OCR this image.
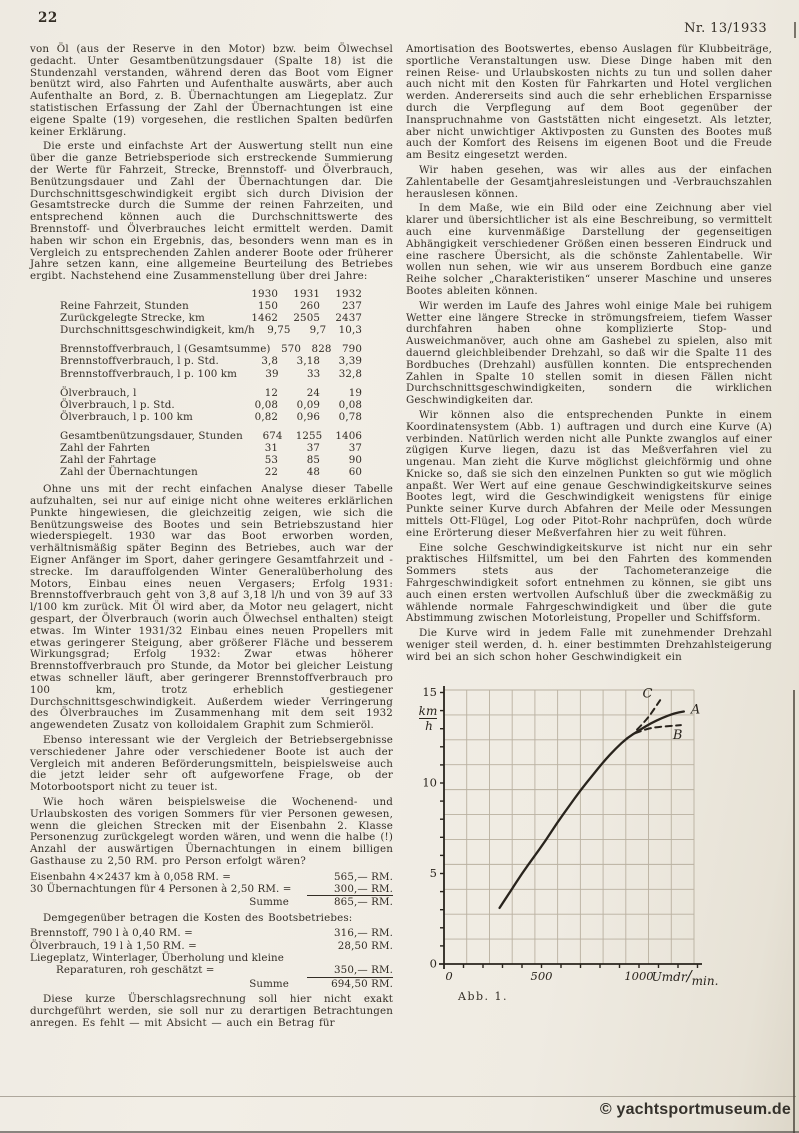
22
Nr. 13/1933

von Öl (aus der Reserve in den Motor) bzw. beim Ölwechsel gedacht. Unter Gesamtbenützungsdauer (Spalte 18) ist die Stundenzahl verstanden, während deren das Boot vom Eigner benützt wird, also Fahrten und Aufenthalte auswärts, aber auch Aufenthalte an Bord, z. B. Übernachtungen am Liegeplatz. Zur statistischen Erfassung der Zahl der Übernachtungen ist eine eigene Spalte (19) vorgesehen, die restlichen Spalten bedürfen keiner Erklärung.

Die erste und einfachste Art der Auswertung stellt nun eine über die ganze Betriebsperiode sich erstreckende Summierung der Werte für Fahrzeit, Strecke, Brennstoff- und Ölverbrauch, Benützungsdauer und Zahl der Übernachtungen dar. Die Durchschnittsgeschwindigkeit ergibt sich durch Division der Gesamtstrecke durch die Summe der reinen Fahrzeiten, und entsprechend können auch die Durchschnittswerte des Brennstoff- und Ölverbrauches leicht ermittelt werden. Damit haben wir schon ein Ergebnis, das, besonders wenn man es in Vergleich zu entsprechenden Zahlen anderer Boote oder früherer Jahre setzen kann, eine allgemeine Beurteilung des Betriebes ergibt. Nachstehend eine Zusammenstellung über drei Jahre:

1930	1931	1932
Reine Fahrzeit, Stunden	150	260	237
Zurückgelegte Strecke, km	1462	2505	2437
Durchschnittsgeschwindigkeit, km/h	9,75	9,7	10,3
Brennstoffverbrauch, l (Gesamtsumme)	570	828	790
Brennstoffverbrauch, l p. Std.	3,8	3,18	3,39
Brennstoffverbrauch, l p. 100 km	39	33	32,8
Ölverbrauch, l	12	24	19
Ölverbrauch, l p. Std.	0,08	0,09	0,08
Ölverbrauch, l p. 100 km	0,82	0,96	0,78
Gesamtbenützungsdauer, Stunden	674	1255	1406
Zahl der Fahrten	31	37	37
Zahl der Fahrtage	53	85	90
Zahl der Übernachtungen	22	48	60

Ohne uns mit der recht einfachen Analyse dieser Tabelle aufzuhalten, sei nur auf einige nicht ohne weiteres erklärlichen Punkte hingewiesen, die gleichzeitig zeigen, wie sich die Benützungsweise des Bootes und sein Betriebszustand hier wiederspiegelt. 1930 war das Boot erworben worden, verhältnismäßig später Beginn des Betriebes, auch war der Eigner Anfänger im Sport, daher geringere Gesamtfahrzeit und -strecke. Im darauffolgenden Winter Generalüberholung des Motors, Einbau eines neuen Vergasers; Erfolg 1931: Brennstoffverbrauch geht von 3,8 auf 3,18 l/h und von 39 auf 33 l/100 km zurück. Mit Öl wird aber, da Motor neu gelagert, nicht gespart, der Ölverbrauch (worin auch Ölwechsel enthalten) steigt etwas. Im Winter 1931/32 Einbau eines neuen Propellers mit etwas geringerer Steigung, aber größerer Fläche und besserem Wirkungsgrad; Erfolg 1932: Zwar etwas höherer Brennstoffverbrauch pro Stunde, da Motor bei gleicher Leistung etwas schneller läuft, aber geringerer Brennstoffverbrauch pro 100 km, trotz erheblich gestiegener Durchschnittsgeschwindigkeit. Außerdem wieder Verringerung des Ölverbrauches im Zusammenhang mit dem seit 1932 angewendeten Zusatz von kolloidalem Graphit zum Schmieröl.

Ebenso interessant wie der Vergleich der Betriebsergebnisse verschiedener Jahre oder verschiedener Boote ist auch der Vergleich mit anderen Beförderungsmitteln, beispielsweise auch die jetzt leider sehr oft aufgeworfene Frage, ob der Motorbootsport nicht zu teuer ist.

Wie hoch wären beispielsweise die Wochenend- und Urlaubskosten des vorigen Sommers für vier Personen gewesen, wenn die gleichen Strecken mit der Eisenbahn 2. Klasse Personenzug zurückgelegt worden wären, und wenn die halbe (!) Anzahl der auswärtigen Übernachtungen in einem billigen Gasthause zu 2,50 RM. pro Person erfolgt wären?

Eisenbahn 4×2437 km à 0,058 RM. =	565,— RM.
30 Übernachtungen für 4 Personen à 2,50 RM. =	300,— RM.
Summe	865,— RM.

Demgegenüber betragen die Kosten des Bootsbetriebes:

Brennstoff, 790 l à 0,40 RM. =	316,— RM.
Ölverbrauch, 19 l à 1,50 RM. =	28,50 RM.
Liegeplatz, Winterlager, Überholung und kleine
Reparaturen, roh geschätzt =	350,— RM.
Summe	694,50 RM.

Diese kurze Überschlagsrechnung soll hier nicht exakt durchgeführt werden, sie soll nur zu derartigen Betrachtungen anregen. Es fehlt — mit Absicht — auch ein Betrag für

Amortisation des Bootswertes, ebenso Auslagen für Klubbeiträge, sportliche Veranstaltungen usw. Diese Dinge haben mit den reinen Reise- und Urlaubskosten nichts zu tun und sollen daher auch nicht mit den Kosten für Fahrkarten und Hotel verglichen werden. Andererseits sind auch die sehr erheblichen Ersparnisse durch die Verpflegung auf dem Boot gegenüber der Inanspruchnahme von Gaststätten nicht eingesetzt. Als letzter, aber nicht unwichtiger Aktivposten zu Gunsten des Bootes muß auch der Komfort des Reisens im eigenen Boot und die Freude am Besitz eingesetzt werden.

Wir haben gesehen, was wir alles aus der einfachen Zahlentabelle der Gesamtjahresleistungen und -Verbrauchszahlen herauslesen können.

In dem Maße, wie ein Bild oder eine Zeichnung aber viel klarer und übersichtlicher ist als eine Beschreibung, so vermittelt auch eine kurvenmäßige Darstellung der gegenseitigen Abhängigkeit verschiedener Größen einen besseren Eindruck und eine raschere Übersicht, als die schönste Zahlentabelle. Wir wollen nun sehen, wie wir aus unserem Bordbuch eine ganze Reihe solcher „Charakteristiken“ unserer Maschine und unseres Bootes ableiten können.

Wir werden im Laufe des Jahres wohl einige Male bei ruhigem Wetter eine längere Strecke in strömungsfreiem, tiefem Wasser durchfahren haben ohne komplizierte Stop- und Ausweichmanöver, auch ohne am Gashebel zu spielen, also mit dauernd gleichbleibender Drehzahl, so daß wir die Spalte 11 des Bordbuches (Drehzahl) ausfüllen konnten. Die entsprechenden Zahlen in Spalte 10 stellen somit in diesen Fällen nicht Durchschnittsgeschwindigkeiten, sondern die wirklichen Geschwindigkeiten dar.

Wir können also die entsprechenden Punkte in einem Koordinatensystem (Abb. 1) auftragen und durch eine Kurve (A) verbinden. Natürlich werden nicht alle Punkte zwanglos auf einer zügigen Kurve liegen, dazu ist das Meßverfahren viel zu ungenau. Man zieht die Kurve möglichst gleichförmig und ohne Knicke so, daß sie sich den einzelnen Punkten so gut wie möglich anpaßt. Wer Wert auf eine genaue Geschwindigkeitskurve seines Bootes legt, wird die Geschwindigkeit wenigstens für einige Punkte seiner Kurve durch Abfahren der Meile oder Messungen mittels Ott-Flügel, Log oder Pitot-Rohr nachprüfen, doch würde eine Erörterung dieser Meßverfahren hier zu weit führen.

Eine solche Geschwindigkeitskurve ist nicht nur ein sehr praktisches Hilfsmittel, um bei den Fahrten des kommenden Sommers stets aus der Tachometeranzeige die Fahrgeschwindigkeit sofort entnehmen zu können, sie gibt uns auch einen ersten wertvollen Aufschluß über die zweckmäßig zu wählende normale Fahrgeschwindigkeit und über die gute Abstimmung zwischen Motorleistung, Propeller und Schiffsform.

Die Kurve wird in jedem Falle mit zunehmender Drehzahl weniger steil werden, d. h. einer bestimmten Drehzahlsteigerung wird bei an sich schon hoher Geschwindigkeit ein

0	500	1000
0
5
10
15
km
h
Umdr/min.
A
B
C
Abb. 1.
© yachtsportmuseum.de
